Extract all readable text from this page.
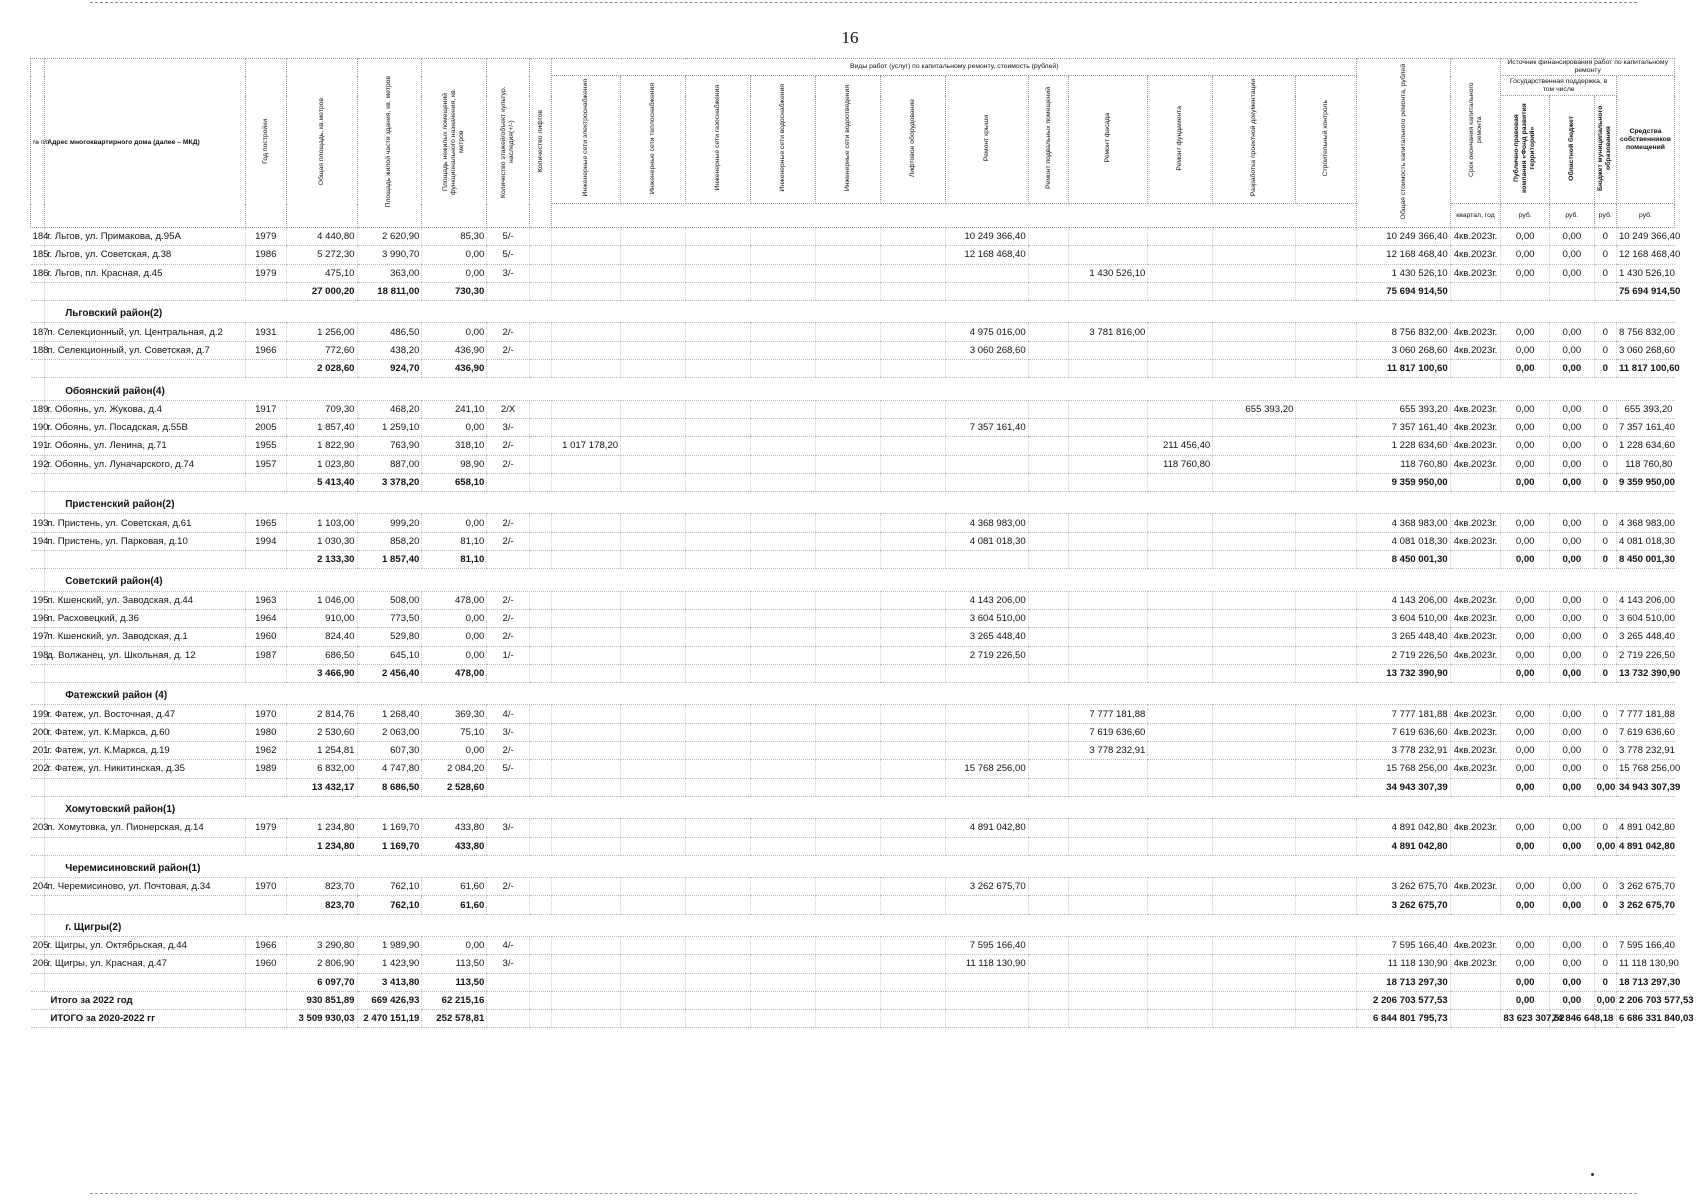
16
№ п/п	Адрес многоквартирного дома (далее – МКД)	Год постройки	Общая площадь, кв.метров	Площадь жилой части здания, кв. метров	Площадь нежилых помещений функционального назначения, кв. метров	Количество этажей/объект культур. наследия(+/-)	Количество лифтов	Виды работ (услуг) по капитальному ремонту, стоимость (рублей)												Общая стоимость капитального ремонта, рублей	Срок окончания капитального ремонта	Источник финансирования работ по капитальному ремонту			
								Инженерные сети электроснабжения	Инженерные сети теплоснабжения	Инженерные сети газоснабжения	Инженерные сети водоснабжения	Инженерные сети водоотведения	Лифтовое оборудование	Ремонт крыши	Ремонт подвальных помещений	Ремонт фасада	Ремонт фундамента	Разработка проектной документации	Строительный контроль			Государственная поддержка, в том числе			Средства собственников помещений
																						Публично-правовая компания «Фонд развития территорий»	Областной бюджет	Бюджет муниципального образования	
																					квартал, год	руб.	руб.	руб.	руб.
184	г. Льгов, ул. Примакова, д.95А	1979	4 440,80	2 620,90	85,30	5/-								10 249 366,40						10 249 366,40	4кв.2023г.	0,00	0,00	0	10 249 366,40
185	г. Льгов, ул. Советская, д.38	1986	5 272,30	3 990,70	0,00	5/-								12 168 468,40						12 168 468,40	4кв.2023г.	0,00	0,00	0	12 168 468,40
186	г. Льгов, пл. Красная, д.45	1979	475,10	363,00	0,00	3/-										1 430 526,10				1 430 526,10	4кв.2023г.	0,00	0,00	0	1 430 526,10
			27 000,20	18 811,00	730,30															75 694 914,50					75 694 914,50
	Льговский район(2)																								
187	п. Селекционный, ул. Центральная, д.2	1931	1 256,00	486,50	0,00	2/-								4 975 016,00		3 781 816,00				8 756 832,00	4кв.2023г.	0,00	0,00	0	8 756 832,00
188	п. Селекционный, ул. Советская, д.7	1966	772,60	438,20	436,90	2/-								3 060 268,60						3 060 268,60	4кв.2023г.	0,00	0,00	0	3 060 268,60
			2 028,60	924,70	436,90															11 817 100,60		0,00	0,00	0	11 817 100,60
	Обоянский район(4)																								
189	г. Обоянь, ул. Жукова, д.4	1917	709,30	468,20	241,10	2/Х												655 393,20		655 393,20	4кв.2023г.	0,00	0,00	0	655 393,20
190	г. Обоянь, ул. Посадская, д.55В	2005	1 857,40	1 259,10	0,00	3/-								7 357 161,40						7 357 161,40	4кв.2023г.	0,00	0,00	0	7 357 161,40
191	г. Обоянь, ул. Ленина, д.71	1955	1 822,90	763,90	318,10	2/-		1 017 178,20									211 456,40			1 228 634,60	4кв.2023г.	0,00	0,00	0	1 228 634,60
192	г. Обоянь, ул. Луначарского, д.74	1957	1 023,80	887,00	98,90	2/-											118 760,80			118 760,80	4кв.2023г.	0,00	0,00	0	118 760,80
			5 413,40	3 378,20	658,10															9 359 950,00		0,00	0,00	0	9 359 950,00
	Пристенский район(2)																								
193	п. Пристень, ул. Советская, д.61	1965	1 103,00	999,20	0,00	2/-								4 368 983,00						4 368 983,00	4кв.2023г.	0,00	0,00	0	4 368 983,00
194	п. Пристень, ул. Парковая, д.10	1994	1 030,30	858,20	81,10	2/-								4 081 018,30						4 081 018,30	4кв.2023г.	0,00	0,00	0	4 081 018,30
			2 133,30	1 857,40	81,10															8 450 001,30		0,00	0,00	0	8 450 001,30
	Советский район(4)																								
195	п. Кшенский, ул. Заводская, д.44	1963	1 046,00	508,00	478,00	2/-								4 143 206,00						4 143 206,00	4кв.2023г.	0,00	0,00	0	4 143 206,00
196	п. Расховецкий, д.36	1964	910,00	773,50	0,00	2/-								3 604 510,00						3 604 510,00	4кв.2023г.	0,00	0,00	0	3 604 510,00
197	п. Кшенский, ул. Заводская, д.1	1960	824,40	529,80	0,00	2/-								3 265 448,40						3 265 448,40	4кв.2023г.	0,00	0,00	0	3 265 448,40
198	д. Волжанец, ул. Школьная, д. 12	1987	686,50	645,10	0,00	1/-								2 719 226,50						2 719 226,50	4кв.2023г.	0,00	0,00	0	2 719 226,50
			3 466,90	2 456,40	478,00															13 732 390,90		0,00	0,00	0	13 732 390,90
	Фатежский район (4)																								
199	г. Фатеж, ул. Восточная, д.47	1970	2 814,76	1 268,40	369,30	4/-										7 777 181,88				7 777 181,88	4кв.2023г.	0,00	0,00	0	7 777 181,88
200	г. Фатеж, ул. К.Маркса, д.60	1980	2 530,60	2 063,00	75,10	3/-										7 619 636,60				7 619 636,60	4кв.2023г.	0,00	0,00	0	7 619 636,60
201	г. Фатеж, ул. К.Маркса, д.19	1962	1 254,81	607,30	0,00	2/-										3 778 232,91				3 778 232,91	4кв.2023г.	0,00	0,00	0	3 778 232,91
202	г. Фатеж, ул. Никитинская, д.35	1989	6 832,00	4 747,80	2 084,20	5/-								15 768 256,00						15 768 256,00	4кв.2023г.	0,00	0,00	0	15 768 256,00
			13 432,17	8 686,50	2 528,60															34 943 307,39		0,00	0,00	0,00	34 943 307,39
	Хомутовский район(1)																								
203	п. Хомутовка, ул. Пионерская, д.14	1979	1 234,80	1 169,70	433,80	3/-								4 891 042,80						4 891 042,80	4кв.2023г.	0,00	0,00	0	4 891 042,80
			1 234,80	1 169,70	433,80															4 891 042,80		0,00	0,00	0,00	4 891 042,80
	Черемисиновский район(1)																								
204	п. Черемисиново, ул. Почтовая, д.34	1970	823,70	762,10	61,60	2/-								3 262 675,70						3 262 675,70	4кв.2023г.	0,00	0,00	0	3 262 675,70
			823,70	762,10	61,60															3 262 675,70		0,00	0,00	0	3 262 675,70
	г. Щигры(2)																								
205	г. Щигры, ул. Октябрьская, д.44	1966	3 290,80	1 989,90	0,00	4/-								7 595 166,40						7 595 166,40	4кв.2023г.	0,00	0,00	0	7 595 166,40
206	г. Щигры, ул. Красная, д.47	1960	2 806,90	1 423,90	113,50	3/-								11 118 130,90						11 118 130,90	4кв.2023г.	0,00	0,00	0	11 118 130,90
			6 097,70	3 413,80	113,50															18 713 297,30		0,00	0,00	0	18 713 297,30
Итого за 2022 год			930 851,89	669 426,93	62 215,16															2 206 703 577,53		0,00	0,00	0,00	2 206 703 577,53
ИТОГО за 2020-2022 гг			3 509 930,03	2 470 151,19	252 578,81															6 844 801 795,73		83 623 307,52	74 846 648,18		6 686 331 840,03
